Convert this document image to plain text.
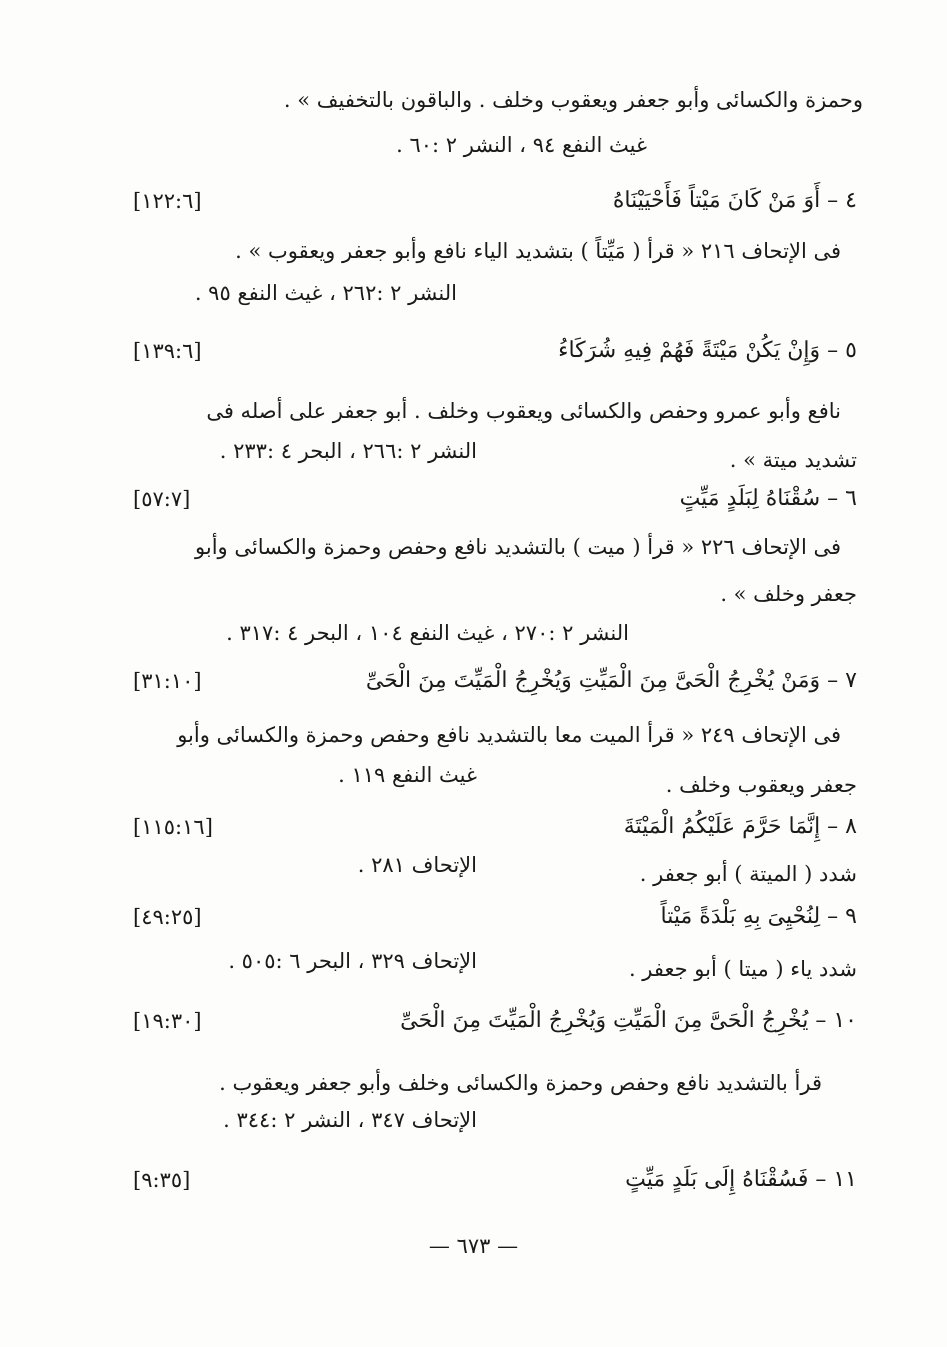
وحمزة والكسائى وأبو جعفر ويعقوب وخلف . والباقون بالتخفيف » .
غيث النفع ٩٤ ، النشر ٢ :٦٠ .
٤ – أَوَ مَنْ كَانَ مَيْتاً فَأَحْيَيْنَاهُ
[١٢٢:٦]
فى الإتحاف ٢١٦ « قرأ ( مَيِّتاً ) بتشديد الياء نافع وأبو جعفر ويعقوب » .
النشر ٢ :٢٦٢ ، غيث النفع ٩٥ .
٥ – وَإِنْ يَكُنْ مَيْتَةً فَهُمْ فِيهِ شُرَكَاءُ
[١٣٩:٦]
نافع وأبو عمرو وحفص والكسائى ويعقوب وخلف . أبو جعفر على أصله فى
تشديد ميتة » .
النشر ٢ :٢٦٦ ، البحر ٤ :٢٣٣ .
٦ – سُقْنَاهُ لِبَلَدٍ مَيِّتٍ
[٥٧:٧]
فى الإتحاف ٢٢٦ « قرأ ( ميت ) بالتشديد نافع وحفص وحمزة والكسائى وأبو
جعفر وخلف » .
النشر ٢ :٢٧٠ ، غيث النفع ١٠٤ ، البحر ٤ :٣١٧ .
٧ – وَمَنْ يُخْرِجُ الْحَىَّ مِنَ الْمَيِّتِ وَيُخْرِجُ الْمَيِّتَ مِنَ الْحَىِّ
[٣١:١٠]
فى الإتحاف ٢٤٩ « قرأ الميت معا بالتشديد نافع وحفص وحمزة والكسائى وأبو
جعفر ويعقوب وخلف .
غيث النفع ١١٩ .
٨ – إِنَّمَا حَرَّمَ عَلَيْكُمُ الْمَيْتَةَ
[١١٥:١٦]
شدد ( الميتة ) أبو جعفر .
الإتحاف ٢٨١ .
٩ – لِنُحْيِىَ بِهِ بَلْدَةً مَيْتاً
[٤٩:٢٥]
شدد ياء ( ميتا ) أبو جعفر .
الإتحاف ٣٢٩ ، البحر ٦ :٥٠٥ .
١٠ – يُخْرِجُ الْحَىَّ مِنَ الْمَيِّتِ وَيُخْرِجُ الْمَيِّتَ مِنَ الْحَىِّ
[١٩:٣٠]
قرأ بالتشديد نافع وحفص وحمزة والكسائى وخلف وأبو جعفر ويعقوب .
الإتحاف ٣٤٧ ، النشر ٢ :٣٤٤ .
١١ – فَسُقْنَاهُ إِلَى بَلَدٍ مَيِّتٍ
[٩:٣٥]
— ٦٧٣ —
